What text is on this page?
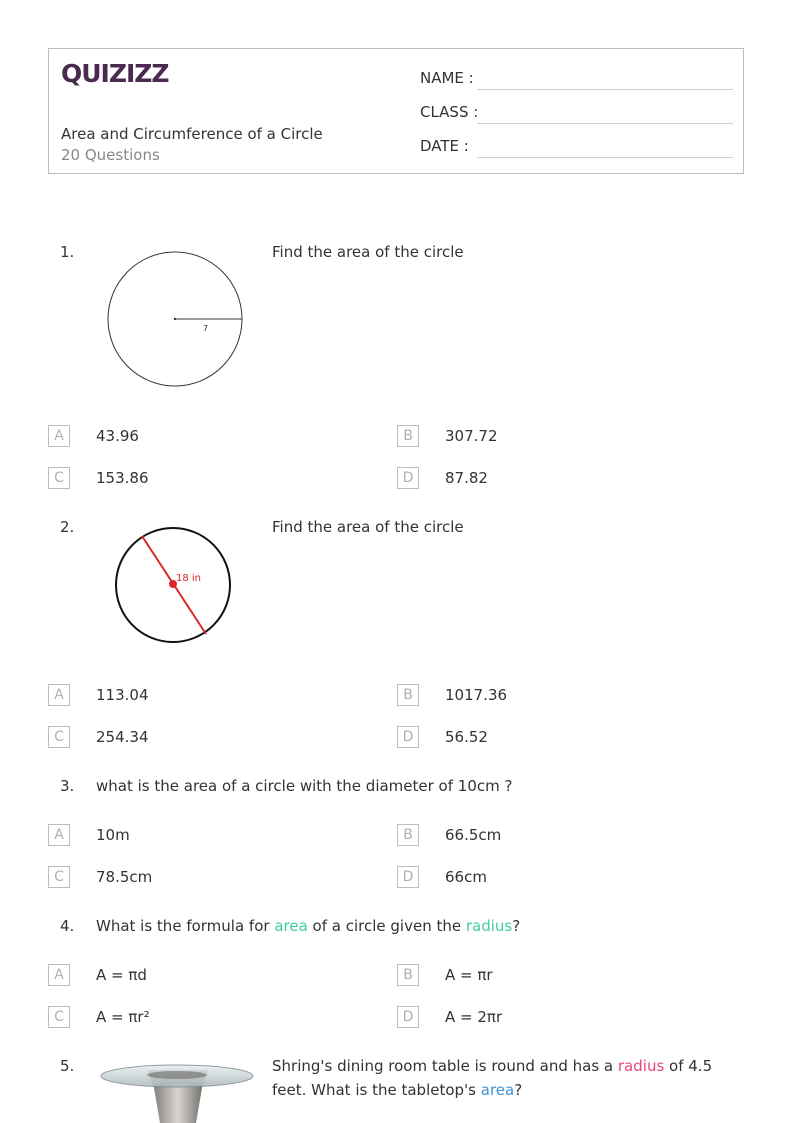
QUIZIZZ
Area and Circumference of a Circle
20 Questions
NAME :
CLASS :
DATE :
1.
7
Find the area of the circle
A	43.96	B	307.72
C	153.86	D	87.82
2.
18 in
Find the area of the circle
A	113.04	B	1017.36
C	254.34	D	56.52
3. what is the area of a circle with the diameter of 10cm ?
A	10m	B	66.5cm
C	78.5cm	D	66cm
4. What is the formula for area of a circle given the radius?
A	A = πd	B	A = πr
C	A = πr²	D	A = 2πr
5.	Shring's dining room table is round and has a radius of 4.5 feet. What is the tabletop's area?
